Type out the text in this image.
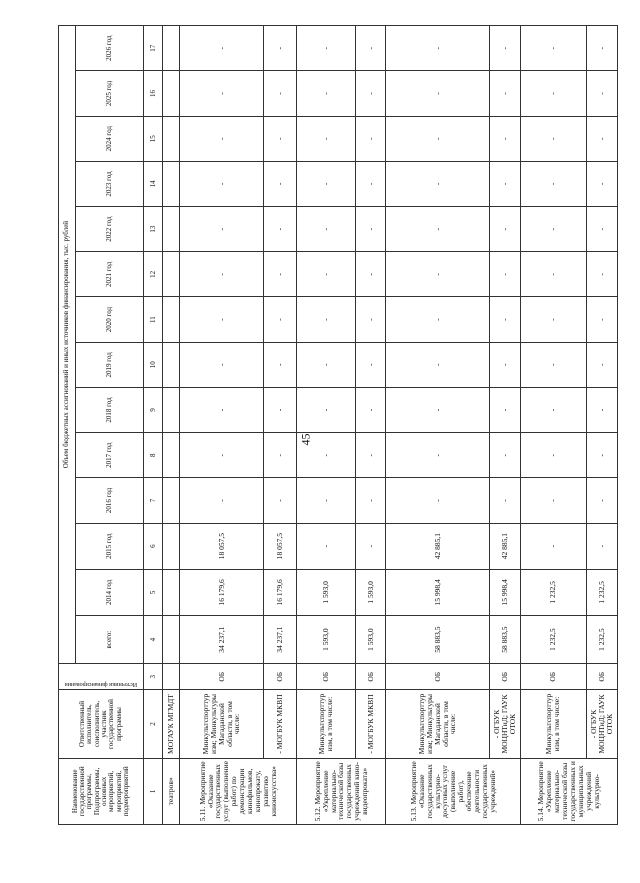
45
Наименование государственной программы, Подпрограммы, основных мероприятий, мероприятий, подмероприятий	Ответственный исполнитель, соисполнитель, участник государственной программы	Источники финансирования	Объем бюджетных ассигнований и иных источников финансирования, тыс. рублей													
			всего:	2014 год	2015 год	2016 год	2017 год	2018 год	2019 год	2020 год	2021 год	2022 год	2023 год	2024 год	2025 год	2026 год
1	2	3	4	5	6	7	8	9	10	11	12	13	14	15	16	17
театров»	МОГАУК МГМДТ															
5.11. Мероприятие «Оказание государственных услуг (выполнение работ) по демонстрации кинофильмов, кинопрокату, развитию киноискусства»	Минкультспорттуризм; Минкультуры Магаданской области, в том числе:	ОБ	34 237,1	16 179,6	18 057,5	-	-	-	-	-	-	-	-	-	-	-
	- МОГБУК МКВП	ОБ	34 237,1	16 179,6	18 057,5	-	-	-	-	-	-	-	-	-	-	-
5.12. Мероприятие «Укрепление материально-технической базы государственных учреждений кино-видеопроката»	Минкультспорттуризм, в том числе:	ОБ	1 593,0	1 593,0	-	-	-	-	-	-	-	-	-	-	-	-
	- МОГБУК МКВП	ОБ	1 593,0	1 593,0	-	-	-	-	-	-	-	-	-	-	-	-
5.13. Мероприятие «Оказание государственных культурно-досуговых услуг (выполнение работ), обеспечение деятельности государственных учреждений»	Минкультспорттуризм; Минкультуры Магаданской области, в том числе:	ОБ	58 883,5	15 998,4	42 885,1	-	-	-	-	-	-	-	-	-	-	-
	- ОГБУК МОЦНТиД; ГАУК ОТОК	ОБ	58 883,5	15 998,4	42 885,1	-	-	-	-	-	-	-	-	-	-	-
5.14. Мероприятие «Укрепление материально-технической базы государственных и муниципальных учреждений культурно-	Минкультспорттуризм, в том числе:	ОБ	1 232,5	1 232,5	-	-	-	-	-	-	-	-	-	-	-	-
	- ОГБУК МОЦНТиД; ГАУК ОТОК	ОБ	1 232,5	1 232,5	-	-	-	-	-	-	-	-	-	-	-	-
